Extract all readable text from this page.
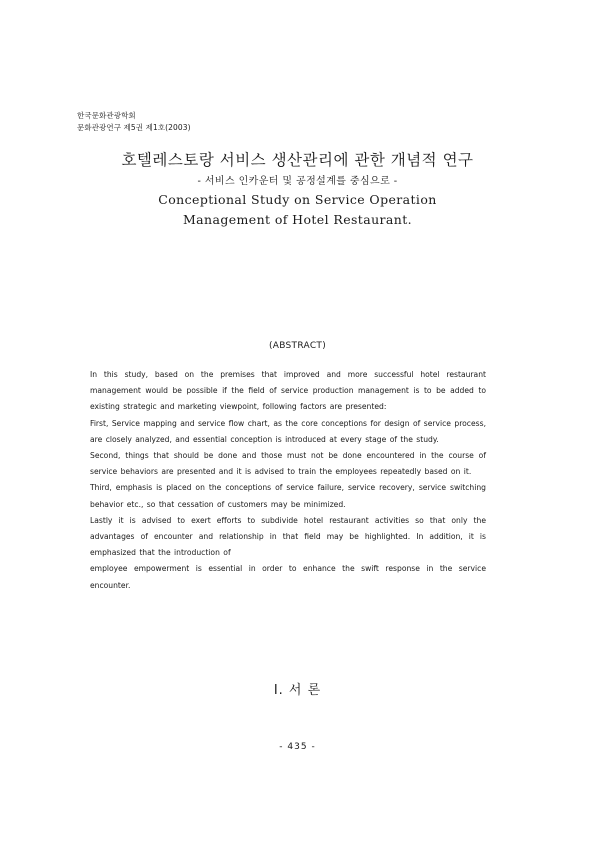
한국문화관광학회
문화관광연구 제5권 제1호(2003)
호텔레스토랑 서비스 생산관리에 관한 개념적 연구
- 서비스 인카운터 및 공정설계를 중심으로 -
Conceptional Study on Service Operation
Management of Hotel Restaurant.
(ABSTRACT)

In this study, based on the premises that improved and more successful hotel restaurant management would be possible if the field of service production management is to be added to existing strategic and marketing viewpoint, following factors are presented:

First, Service mapping and service flow chart, as the core conceptions for design of service process, are closely analyzed, and essential conception is introduced at every stage of the study.

Second, things that should be done and those must not be done encountered in the course of service behaviors are presented and it is advised to train the employees repeatedly based on it.

Third, emphasis is placed on the conceptions of service failure, service recovery, service switching behavior etc., so that cessation of customers may be minimized.

Lastly it is advised to exert efforts to subdivide hotel restaurant activities so that only the advantages of encounter and relationship in that field may be highlighted. In addition, it is emphasized that the introduction of

employee empowerment is essential in order to enhance the swift response in the service encounter.

Ⅰ. 서 론
- 435 -
